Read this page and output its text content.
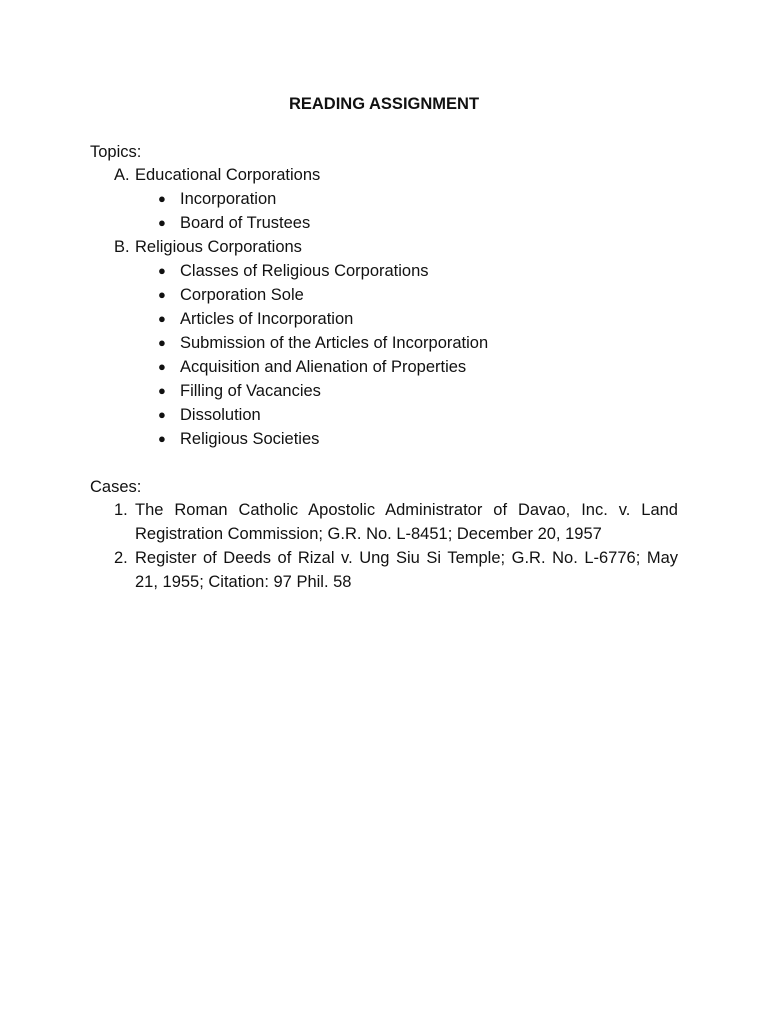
READING ASSIGNMENT
Topics:
A. Educational Corporations
● Incorporation
● Board of Trustees
B. Religious Corporations
● Classes of Religious Corporations
● Corporation Sole
● Articles of Incorporation
● Submission of the Articles of Incorporation
● Acquisition and Alienation of Properties
● Filling of Vacancies
● Dissolution
● Religious Societies
Cases:
1. The Roman Catholic Apostolic Administrator of Davao, Inc. v. Land Registration Commission; G.R. No. L-8451; December 20, 1957
2. Register of Deeds of Rizal v. Ung Siu Si Temple; G.R. No. L-6776; May 21, 1955; Citation: 97 Phil. 58
